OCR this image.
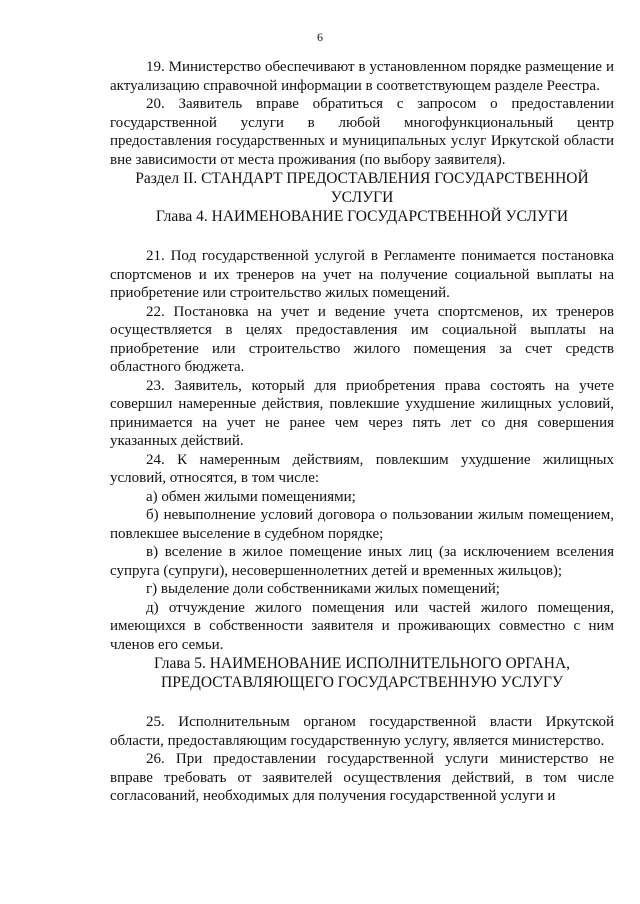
6

19. Министерство обеспечивают в установленном порядке размещение и актуализацию справочной информации в соответствующем разделе Реестра.

20. Заявитель вправе обратиться с запросом о предоставлении государственной услуги в любой многофункциональный центр предоставления государственных и муниципальных услуг Иркутской области вне зависимости от места проживания (по выбору заявителя).

Раздел II. СТАНДАРТ ПРЕДОСТАВЛЕНИЯ ГОСУДАРСТВЕННОЙ
УСЛУГИ
Глава 4. НАИМЕНОВАНИЕ ГОСУДАРСТВЕННОЙ УСЛУГИ

21. Под государственной услугой в Регламенте понимается постановка спортсменов и их тренеров на учет на получение социальной выплаты на приобретение или строительство жилых помещений.

22. Постановка на учет и ведение учета спортсменов, их тренеров осуществляется в целях предоставления им социальной выплаты на приобретение или строительство жилого помещения за счет средств областного бюджета.

23. Заявитель, который для приобретения права состоять на учете совершил намеренные действия, повлекшие ухудшение жилищных условий, принимается на учет не ранее чем через пять лет со дня совершения указанных действий.

24. К намеренным действиям, повлекшим ухудшение жилищных условий, относятся, в том числе:

а) обмен жилыми помещениями;

б) невыполнение условий договора о пользовании жилым помещением, повлекшее выселение в судебном порядке;

в) вселение в жилое помещение иных лиц (за исключением вселения супруга (супруги), несовершеннолетних детей и временных жильцов);

г) выделение доли собственниками жилых помещений;

д) отчуждение жилого помещения или частей жилого помещения, имеющихся в собственности заявителя и проживающих совместно с ним членов его семьи.

Глава 5. НАИМЕНОВАНИЕ ИСПОЛНИТЕЛЬНОГО ОРГАНА,
ПРЕДОСТАВЛЯЮЩЕГО ГОСУДАРСТВЕННУЮ УСЛУГУ

25. Исполнительным органом государственной власти Иркутской области, предоставляющим государственную услугу, является министерство.

26. При предоставлении государственной услуги министерство не вправе требовать от заявителей осуществления действий, в том числе согласований, необходимых для получения государственной услуги и
